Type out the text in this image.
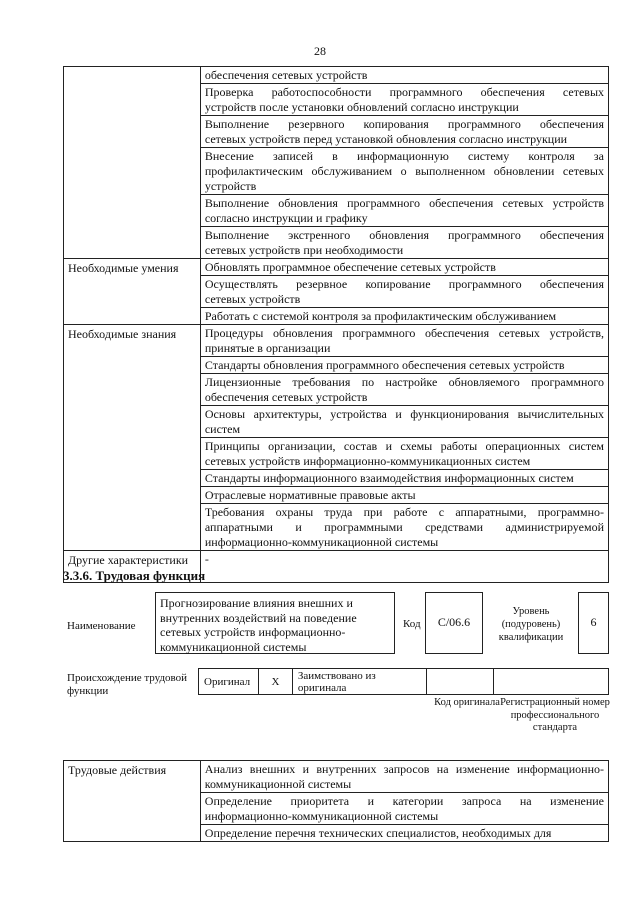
28

	обеспечения сетевых устройств

	Проверка работоспособности программного обеспечения сетевых
устройств после установки обновлений согласно инструкции

	Выполнение резервного копирования программного обеспечения
сетевых устройств перед установкой обновления согласно инструкции

	Внесение записей в информационную систему контроля за
профилактическим обслуживанием о выполненном обновлении сетевых
устройств

	Выполнение обновления программного обеспечения сетевых устройств
согласно инструкции и графику

	Выполнение экстренного обновления программного обеспечения
сетевых устройств при необходимости

Необходимые умения	Обновлять программное обеспечение сетевых устройств

	Осуществлять резервное копирование программного обеспечения
сетевых устройств

	Работать с системой контроля за профилактическим обслуживанием

Необходимые знания	Процедуры обновления программного обеспечения сетевых устройств,
принятые в организации

	Стандарты обновления программного обеспечения сетевых устройств

	Лицензионные требования по настройке обновляемого программного
обеспечения сетевых устройств

	Основы архитектуры, устройства и функционирования вычислительных
систем

	Принципы организации, состав и схемы работы операционных систем
сетевых устройств информационно-коммуникационных систем

	Стандарты информационного взаимодействия информационных систем

	Отраслевые нормативные правовые акты

	Требования охраны труда при работе с аппаратными, программно-
аппаратными и программными средствами администрируемой
информационно-коммуникационной системы

Другие характеристики	-

3.3.6. Трудовая функция
Наименование
Прогнозирование влияния внешних и внутренних воздействий на поведение сетевых устройств информационно-коммуникационной системы
Код	C/06.6
Уровень (подуровень) квалификации
6
Происхождение трудовой функции
Оригинал	X	Заимствовано из оригинала		
Код оригинала Регистрационный номер профессионального стандарта
Трудовые действия	Анализ внешних и внутренних запросов на изменение информационно-
коммуникационной системы

Определение приоритета и категории запроса на изменение
информационно-коммуникационной системы

Определение перечня технических специалистов, необходимых для
